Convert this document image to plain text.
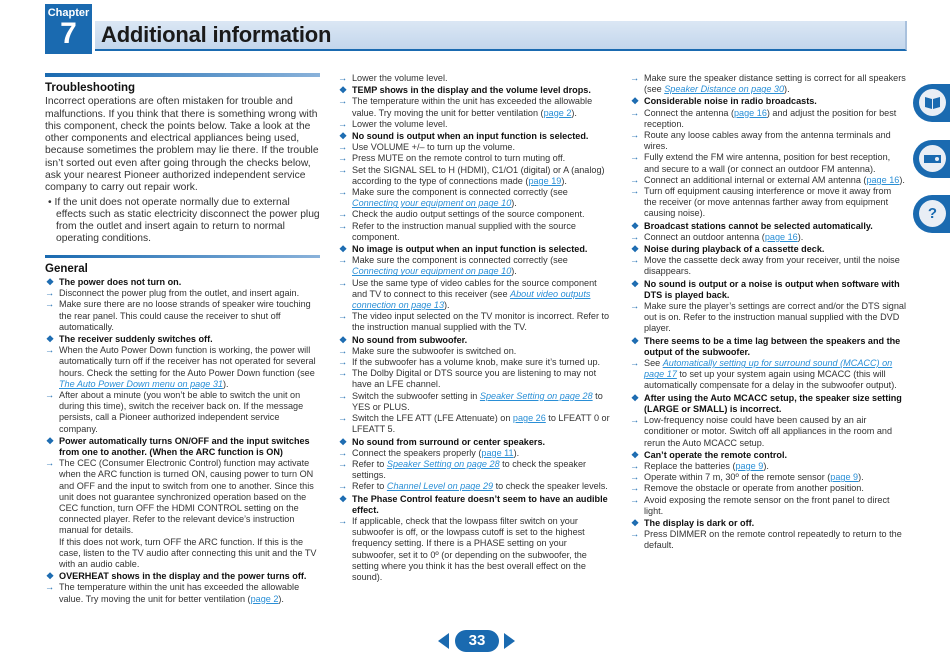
Chapter
7	Additional information
Troubleshooting
Incorrect operations are often mistaken for trouble and malfunctions. If you think that there is something wrong with this component, check the points below. Take a look at the other components and electrical appliances being used, because sometimes the problem may lie there. If the trouble isn’t sorted out even after going through the checks below, ask your nearest Pioneer authorized independent service company to carry out repair work.
• If the unit does not operate normally due to external effects such as static electricity disconnect the power plug from the outlet and insert again to return to normal operating conditions.
General
❖ The power does not turn on.
→ Disconnect the power plug from the outlet, and insert again.
→ Make sure there are no loose strands of speaker wire touching the rear panel. This could cause the receiver to shut off automatically.
❖ The receiver suddenly switches off.
→ When the Auto Power Down function is working, the power will automatically turn off if the receiver has not operated for several hours. Check the setting for the Auto Power Down function (see The Auto Power Down menu on page 31).
→ After about a minute (you won’t be able to switch the unit on during this time), switch the receiver back on. If the message persists, call a Pioneer authorized independent service company.
❖ Power automatically turns ON/OFF and the input switches from one to another. (When the ARC function is ON)
→ The CEC (Consumer Electronic Control) function may activate when the ARC function is turned ON, causing power to turn ON and OFF and the input to switch from one to another. Since this unit does not guarantee synchronized operation based on the CEC function, turn OFF the HDMI CONTROL setting on the connected player. Refer to the relevant device’s instruction manual for details.
If this does not work, turn OFF the ARC function. If this is the case, listen to the TV audio after connecting this unit and the TV with an audio cable.
❖ OVERHEAT shows in the display and the power turns off.
→ The temperature within the unit has exceeded the allowable value. Try moving the unit for better ventilation (page 2).
→ Lower the volume level.
❖ TEMP shows in the display and the volume level drops.
→ The temperature within the unit has exceeded the allowable value. Try moving the unit for better ventilation (page 2).
→ Lower the volume level.
❖ No sound is output when an input function is selected.
→ Use VOLUME +/– to turn up the volume.
→ Press MUTE on the remote control to turn muting off.
→ Set the SIGNAL SEL to H (HDMI), C1/O1 (digital) or A (analog) according to the type of connections made (page 19).
→ Make sure the component is connected correctly (see Connecting your equipment on page 10).
→ Check the audio output settings of the source component.
→ Refer to the instruction manual supplied with the source component.
❖ No image is output when an input function is selected.
→ Make sure the component is connected correctly (see Connecting your equipment on page 10).
→ Use the same type of video cables for the source component and TV to connect to this receiver (see About video outputs connection on page 13).
→ The video input selected on the TV monitor is incorrect. Refer to the instruction manual supplied with the TV.
❖ No sound from subwoofer.
→ Make sure the subwoofer is switched on.
→ If the subwoofer has a volume knob, make sure it’s turned up.
→ The Dolby Digital or DTS source you are listening to may not have an LFE channel.
→ Switch the subwoofer setting in Speaker Setting on page 28 to YES or PLUS.
→ Switch the LFE ATT (LFE Attenuate) on page 26 to LFEATT 0 or LFEATT 5.
❖ No sound from surround or center speakers.
→ Connect the speakers properly (page 11).
→ Refer to Speaker Setting on page 28 to check the speaker settings.
→ Refer to Channel Level on page 29 to check the speaker levels.
❖ The Phase Control feature doesn’t seem to have an audible effect.
→ If applicable, check that the lowpass filter switch on your subwoofer is off, or the lowpass cutoff is set to the highest frequency setting. If there is a PHASE setting on your subwoofer, set it to 0º (or depending on the subwoofer, the setting where you think it has the best overall effect on the sound).
→ Make sure the speaker distance setting is correct for all speakers (see Speaker Distance on page 30).
❖ Considerable noise in radio broadcasts.
→ Connect the antenna (page 16) and adjust the position for best reception.
→ Route any loose cables away from the antenna terminals and wires.
→ Fully extend the FM wire antenna, position for best reception, and secure to a wall (or connect an outdoor FM antenna).
→ Connect an additional internal or external AM antenna (page 16).
→ Turn off equipment causing interference or move it away from the receiver (or move antennas farther away from equipment causing noise).
❖ Broadcast stations cannot be selected automatically.
→ Connect an outdoor antenna (page 16).
❖ Noise during playback of a cassette deck.
→ Move the cassette deck away from your receiver, until the noise disappears.
❖ No sound is output or a noise is output when software with DTS is played back.
→ Make sure the player’s settings are correct and/or the DTS signal out is on. Refer to the instruction manual supplied with the DVD player.
❖ There seems to be a time lag between the speakers and the output of the subwoofer.
→ See Automatically setting up for surround sound (MCACC) on page 17 to set up your system again using MCACC (this will automatically compensate for a delay in the subwoofer output).
❖ After using the Auto MCACC setup, the speaker size setting (LARGE or SMALL) is incorrect.
→ Low-frequency noise could have been caused by an air conditioner or motor. Switch off all appliances in the room and rerun the Auto MCACC setup.
❖ Can’t operate the remote control.
→ Replace the batteries (page 9).
→ Operate within 7 m, 30º of the remote sensor (page 9).
→ Remove the obstacle or operate from another position.
→ Avoid exposing the remote sensor on the front panel to direct light.
❖ The display is dark or off.
→ Press DIMMER on the remote control repeatedly to return to the default.
?
33
